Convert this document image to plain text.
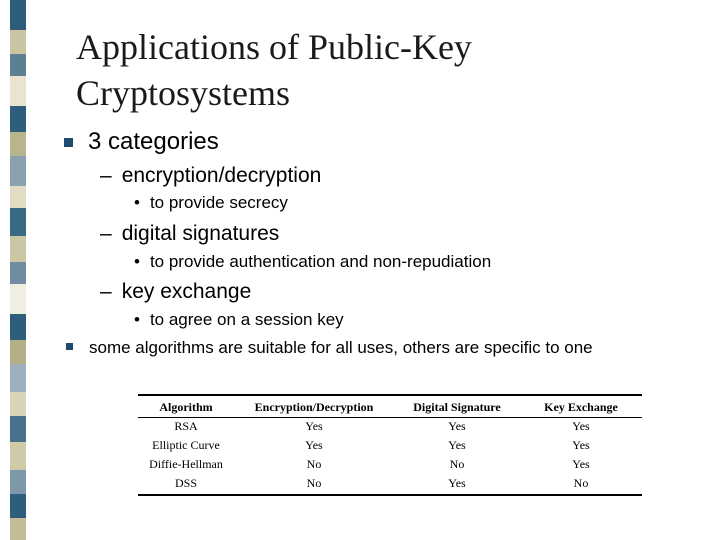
Applications of Public-Key Cryptosystems
3 categories
– encryption/decryption
• to provide secrecy
– digital signatures
• to provide authentication and non-repudiation
– key exchange
• to agree on a session key
some algorithms are suitable for all uses, others are specific to one
Algorithm	Encryption/Decryption	Digital Signature	Key Exchange
RSA	Yes	Yes	Yes
Elliptic Curve	Yes	Yes	Yes
Diffie-Hellman	No	No	Yes
DSS	No	Yes	No
